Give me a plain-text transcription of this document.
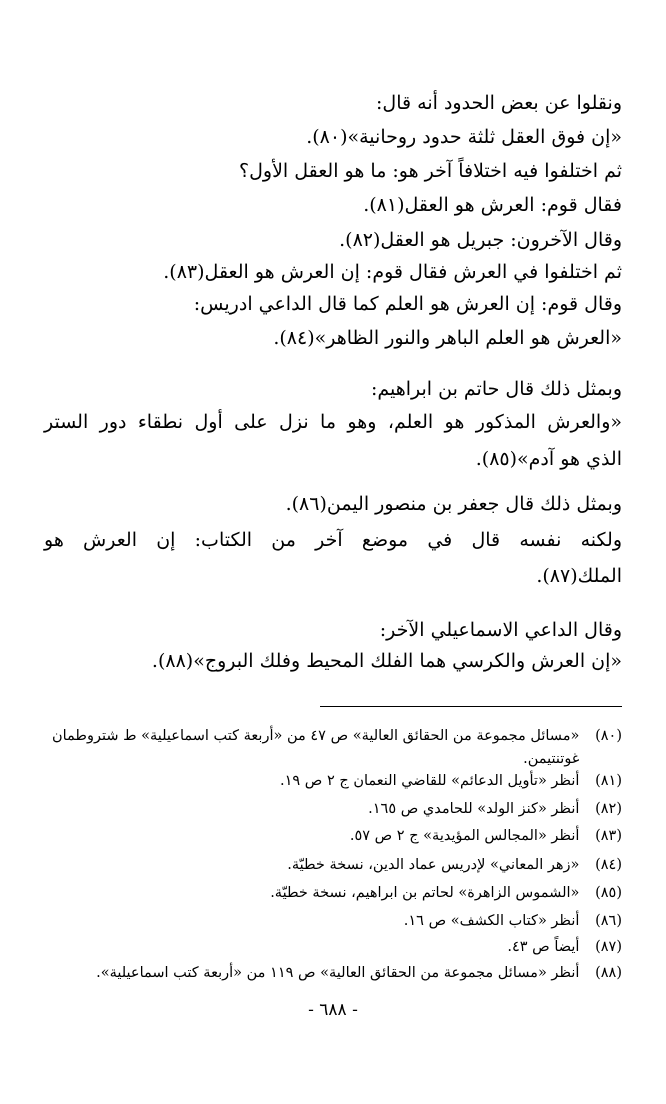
ونقلوا عن بعض الحدود أنه قال:
«إن فوق العقل ثلثة حدود روحانية»(٨٠).
ثم اختلفوا فيه اختلافاً آخر هو: ما هو العقل الأول؟
فقال قوم: العرش هو العقل(٨١).
وقال الآخرون: جبريل هو العقل(٨٢).
ثم اختلفوا في العرش فقال قوم: إن العرش هو العقل(٨٣).
وقال قوم: إن العرش هو العلم كما قال الداعي ادريس:
«العرش هو العلم الباهر والنور الظاهر»(٨٤).
وبمثل ذلك قال حاتم بن ابراهيم:
«والعرش المذكور هو العلم، وهو ما نزل على أول نطقاء دور الستر
الذي هو آدم»(٨٥).
وبمثل ذلك قال جعفر بن منصور اليمن(٨٦).
ولكنه نفسه قال في موضع آخر من الكتاب: إن العرش هو
الملك(٨٧).
وقال الداعي الاسماعيلي الآخر:
«إن العرش والكرسي هما الفلك المحيط وفلك البروج»(٨٨).
(٨٠) «مسائل مجموعة من الحقائق العالية» ص ٤٧ من «أربعة كتب اسماعيلية» ط شتروطمان
غوتنتيمن.
(٨١) أنظر «تأويل الدعائم» للقاضي النعمان ج ٢ ص ١٩.
(٨٢) أنظر «كنز الولد» للحامدي ص ١٦٥.
(٨٣) أنظر «المجالس المؤيدية» ج ٢ ص ٥٧.
(٨٤) «زهر المعاني» لإدريس عماد الدين، نسخة خطيّة.
(٨٥) «الشموس الزاهرة» لحاتم بن ابراهيم، نسخة خطيّة.
(٨٦) أنظر «كتاب الكشف» ص ١٦.
(٨٧) أيضاً ص ٤٣.
(٨٨) أنظر «مسائل مجموعة من الحقائق العالية» ص ١١٩ من «أربعة كتب اسماعيلية».
- ٦٨٨ -
